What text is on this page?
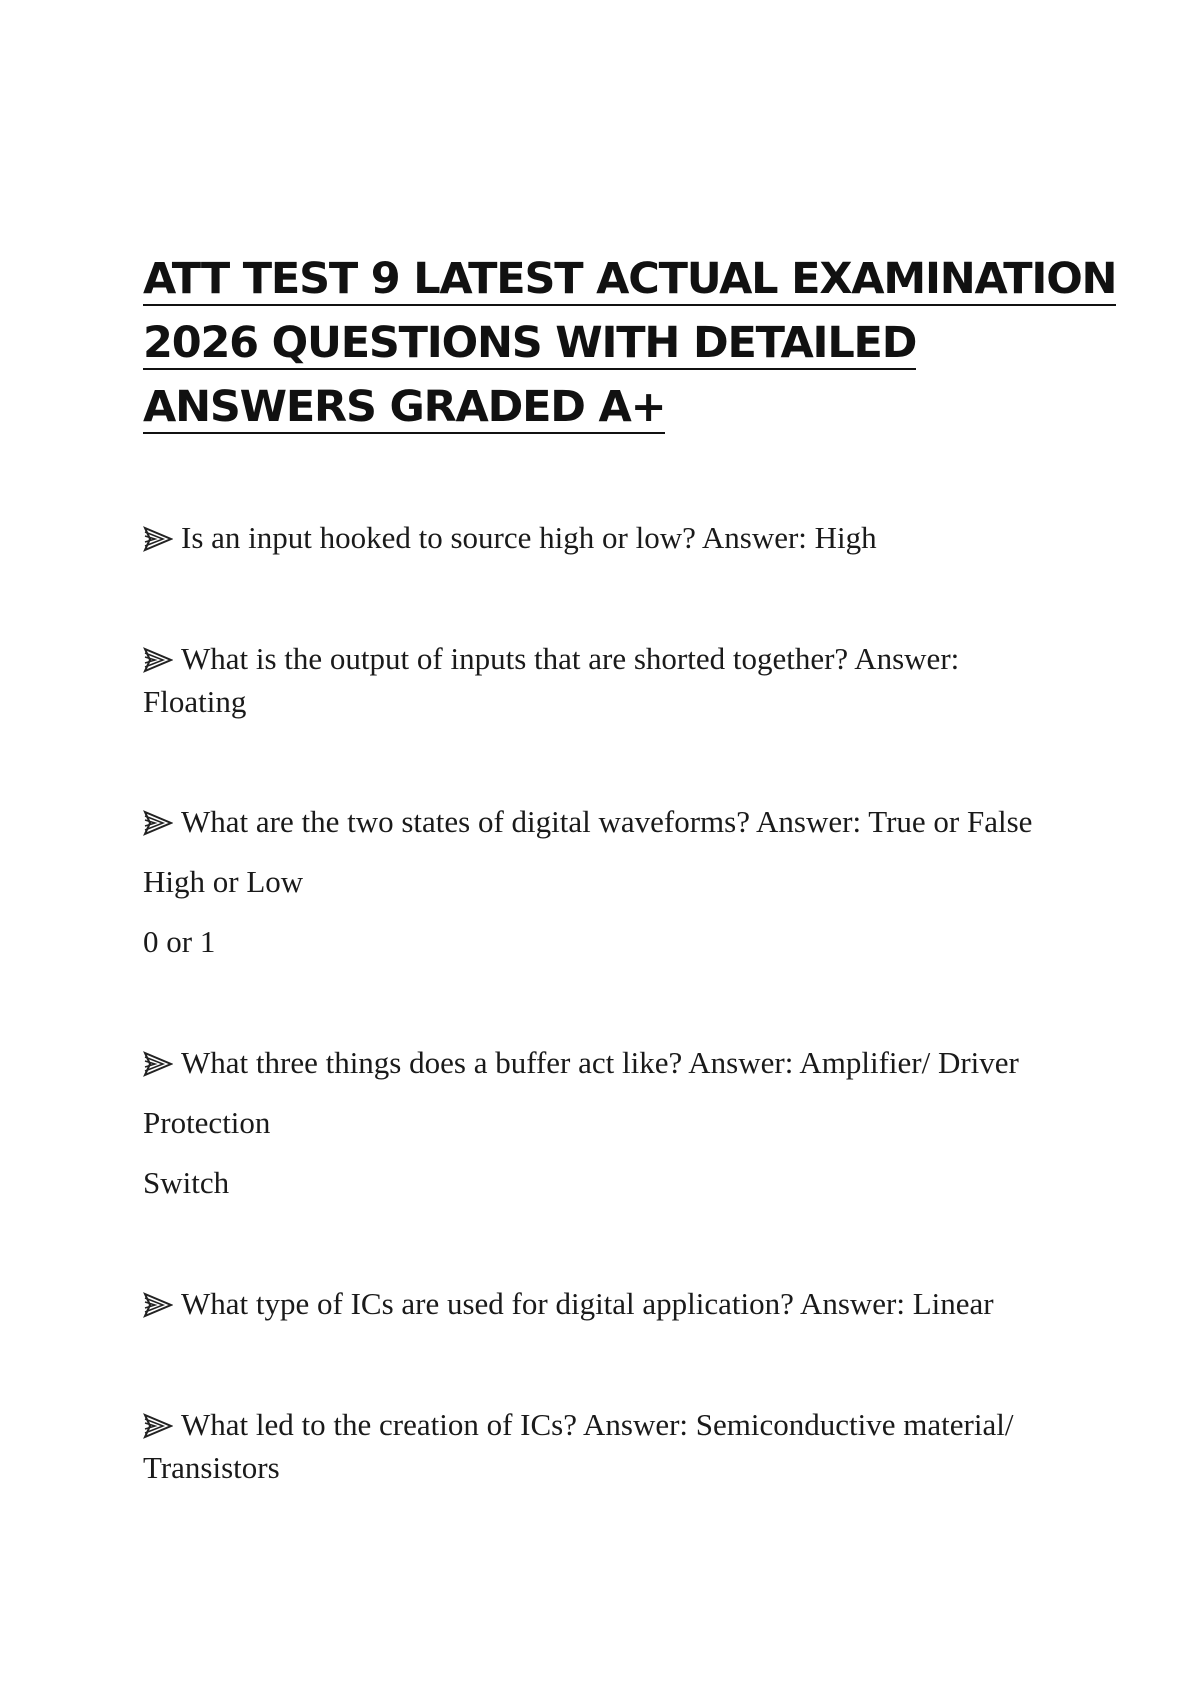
ATT TEST 9 LATEST ACTUAL EXAMINATION
2026 QUESTIONS WITH DETAILED
ANSWERS GRADED A+
Is an input hooked to source high or low? Answer: High
What is the output of inputs that are shorted together? Answer:
Floating
What are the two states of digital waveforms? Answer: True or False
High or Low
0 or 1
What three things does a buffer act like? Answer: Amplifier/ Driver
Protection
Switch
What type of ICs are used for digital application? Answer: Linear
What led to the creation of ICs? Answer: Semiconductive material/
Transistors
